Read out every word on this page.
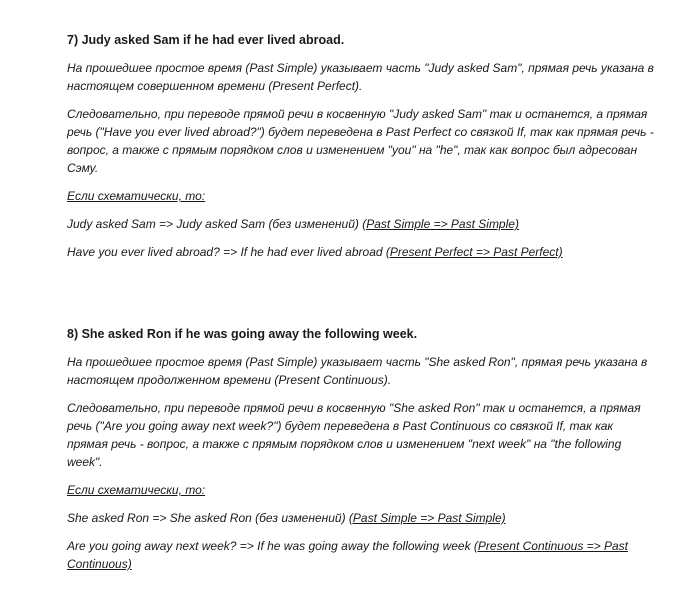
7) Judy asked Sam if he had ever lived abroad.

На прошедшее простое время (Past Simple) указывает часть "Judy asked Sam", прямая речь указана в настоящем совершенном времени (Present Perfect).

Следовательно, при переводе прямой речи в косвенную "Judy asked Sam" так и останется, а прямая речь ("Have you ever lived abroad?") будет переведена в Past Perfect со связкой If, так как прямая речь - вопрос, а также с прямым порядком слов и изменением "you" на "he", так как вопрос был адресован Сэму.

Если схематически, то:

Judy asked Sam => Judy asked Sam (без изменений) (Past Simple => Past Simple)

Have you ever lived abroad? => If he had ever lived abroad (Present Perfect => Past Perfect)

8) She asked Ron if he was going away the following week.

На прошедшее простое время (Past Simple) указывает часть "She asked Ron", прямая речь указана в настоящем продолженном времени (Present Continuous).

Следовательно, при переводе прямой речи в косвенную "She asked Ron" так и останется, а прямая речь ("Are you going away next week?") будет переведена в Past Continuous со связкой If, так как прямая речь - вопрос, а также с прямым порядком слов и изменением "next week" на "the following week".

Если схематически, то:

She asked Ron => She asked Ron (без изменений) (Past Simple => Past Simple)

Are you going away next week? => If he was going away the following week (Present Continuous => Past Continuous)
